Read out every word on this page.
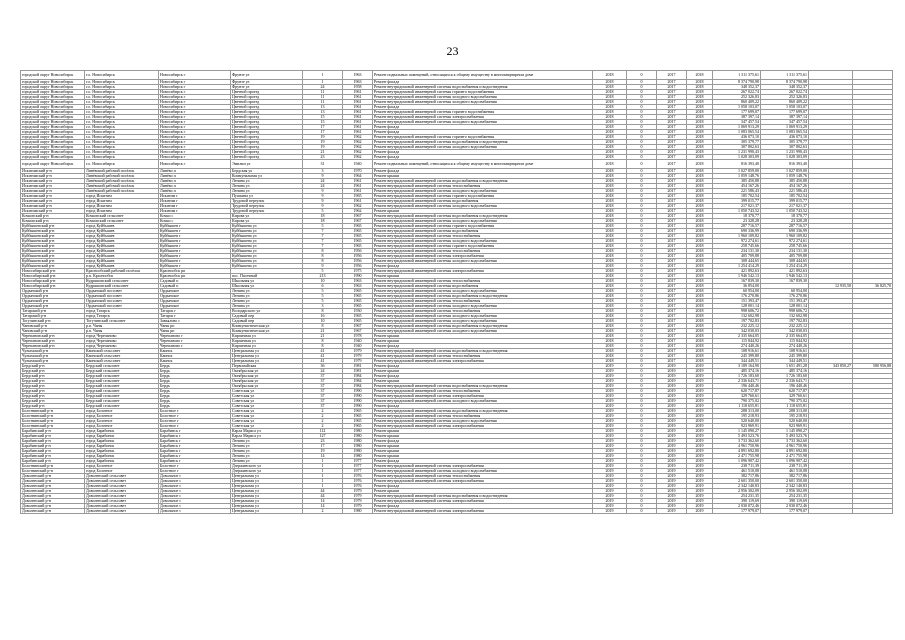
23
городской округ Новосибирск	г.о. Новосибирск	Новосибирск г	Фрунзе ул	1	1963	Ремонт подвальных помещений, относящихся к общему имуществу в многоквартирном доме	2018	0	2017	2018	1 311 375,61	1 311 375,61		
городской округ Новосибирск	г.о. Новосибирск	Новосибирск г	Фрунзе ул	1	1963	Ремонт фасада	2018	0	2017	2018	8 374 790,98	8 374 790,98		
городской округ Новосибирск	г.о. Новосибирск	Новосибирск г	Фрунзе ул	24	1958	Ремонт внутридомовой инженерной системы водоснабжения и водоотведения	2018	0	2017	2018	348 352,37	348 352,37		
городской округ Новосибирск	г.о. Новосибирск	Новосибирск г	Цветной проезд	11	1961	Ремонт внутридомовой инженерной системы горячего водоснабжения	2018	0	2017	2018	267 022,74	267 022,74		
городской округ Новосибирск	г.о. Новосибирск	Новосибирск г	Цветной проезд	11	1961	Ремонт внутридомовой инженерной системы холодного водоснабжения	2018	0	2017	2018	252 326,83	252 326,83		
городской округ Новосибирск	г.о. Новосибирск	Новосибирск г	Цветной проезд	11	1961	Ремонт внутридомовой инженерной системы холодного водоснабжения	2018	0	2017	2018	860 409,22	860 409,22		
городской округ Новосибирск	г.о. Новосибирск	Новосибирск г	Цветной проезд	13	1961	Ремонт фасада	2018	0	2017	2018	1 058 103,07	1 058 103,07		
городской округ Новосибирск	г.о. Новосибирск	Новосибирск г	Цветной проезд	13	1961	Ремонт внутридомовой инженерной системы горячего водоснабжения	2018	0	2017	2018	177 699,07	177 699,07		
городской округ Новосибирск	г.о. Новосибирск	Новосибирск г	Цветной проезд	15	1961	Ремонт внутридомовой инженерной системы электроснабжения	2018	0	2017	2018	387 397,14	387 397,14		
городской округ Новосибирск	г.о. Новосибирск	Новосибирск г	Цветной проезд	15	1961	Ремонт внутридомовой инженерной системы холодного водоснабжения	2018	0	2017	2018	347 457,54	347 457,54		
городской округ Новосибирск	г.о. Новосибирск	Новосибирск г	Цветной проезд	17	1961	Ремонт фасада	2018	0	2017	2018	1 069 913,29	1 069 913,29		
городской округ Новосибирск	г.о. Новосибирск	Новосибирск г	Цветной проезд	17	1961	Ремонт фасада	2018	0	2017	2018	1 083 065,54	1 083 065,54		
городской округ Новосибирск	г.о. Новосибирск	Новосибирск г	Цветной проезд	19	1962	Ремонт внутридомовой инженерной системы горячего водоснабжения	2018	0	2017	2018	436 073,10	436 073,10		
городской округ Новосибирск	г.о. Новосибирск	Новосибирск г	Цветной проезд	19	1962	Ремонт внутридомовой инженерной системы водоснабжения и водоотведения	2018	0	2017	2018	305 379,77	305 379,77		
городской округ Новосибирск	г.о. Новосибирск	Новосибирск г	Цветной проезд	19	1962	Ремонт внутридомовой инженерной системы холодного водоснабжения	2018	0	2017	2018	307 802,63	307 802,63		
городской округ Новосибирск	г.о. Новосибирск	Новосибирск г	Цветной проезд	21	1962	Ремонт фасада	2018	0	2017	2018	1 231 990,43	1 231 990,43		
городской округ Новосибирск	г.о. Новосибирск	Новосибирск г	Цветной проезд	23	1962	Ремонт фасада	2018	0	2017	2018	1 028 303,09	1 028 303,09		
городской округ Новосибирск	г.о. Новосибирск	Новосибирск г	Эмилии ул	31	1940	Ремонт подвальных помещений, относящихся к общему имуществу в многоквартирном доме	2018	0	2017	2018	816 393,40	816 393,40		
Искитимский р-н	Линёвский рабочий посёлок	Линёво п	Бердская ул	3	1970	Ремонт фасада	2018	0	2017	2018	1 027 859,00	1 027 859,00		
Искитимский р-н	Линёвский рабочий посёлок	Линёво п	Коммунальная ул	9	1964	Ремонт крыши	2018	0	2017	2018	1 059 148,76	1 059 148,76		
Искитимский р-н	Линёвский рабочий посёлок	Линёво п	Ленина ул	24	1961	Ремонт внутридомовой инженерной системы водоснабжения и водоотведения	2018	0	2017	2018	385 450,88	385 450,88		
Искитимский р-н	Линёвский рабочий посёлок	Линёво п	Ленина ул	24	1961	Ремонт внутридомовой инженерной системы теплоснабжения	2018	0	2017	2018	454 167,26	454 167,26		
Искитимский р-н	Линёвский рабочий посёлок	Линёво п	Ленина ул	9	1961	Ремонт внутридомовой инженерной системы холодного водоснабжения	2018	0	2017	2018	221 586,43	221 586,43		
Искитимский р-н	город Искитим	Искитим г	Пушкина ул	9	1965	Ремонт внутридомовой инженерной системы горячего водоснабжения	2018	0	2017	2018	185 702,54	185 702,54		
Искитимский р-н	город Искитим	Искитим г	Трудовой переулок	9	1961	Ремонт внутридомовой инженерной системы водоснабжения	2018	0	2017	2018	399 015,77	399 015,77		
Искитимский р-н	город Искитим	Искитим г	Трудовой переулок	9	1962	Ремонт внутридомовой инженерной системы холодного водоснабжения	2018	0	2017	2018	217 021,37	217 021,37		
Искитимский р-н	город Искитим	Искитим г	Трудовой переулок	5	1962	Ремонт крыши	2018	0	2017	2018	1 050 743,52	1 050 743,52		
Кочковский р-н	Кочковский сельсовет	Кочки с	Кирова ул	18	1967	Ремонт внутридомовой инженерной системы водоснабжения и водоотведения	2018	0	2017	2018	18 370,77	18 370,77		
Кочковский р-н	Кочковский сельсовет	Кочки с	Кирова ул	18	1967	Ремонт внутридомовой инженерной системы холодного водоснабжения	2018	0	2017	2018	23 328,28	23 328,28		
Куйбышевский р-н	город Куйбышев	Куйбышев г	Куйбышева ул	5	1965	Ремонт внутридомовой инженерной системы горячего водоснабжения	2018	0	2017	2018	287 716,57	287 716,57		
Куйбышевский р-н	город Куйбышев	Куйбышев г	Куйбышева ул	7	1965	Ремонт внутридомовой инженерной системы водоснабжения	2018	0	2017	2018	690 336,99	690 336,99		
Куйбышевский р-н	город Куйбышев	Куйбышев г	Куйбышева ул	7	1965	Ремонт внутридомовой инженерной системы теплоснабжения	2018	0	2017	2018	1 960 109,82	1 960 109,82		
Куйбышевский р-н	город Куйбышев	Куйбышев г	Куйбышева ул	7	1965	Ремонт внутридомовой инженерной системы холодного водоснабжения	2018	0	2017	2018	972 274,61	972 274,61		
Куйбышевский р-н	город Куйбышев	Куйбышев г	Куйбышева ул	7	1965	Ремонт внутридомовой инженерной системы горячего водоснабжения	2018	0	2017	2018	258 745,66	258 745,66		
Куйбышевский р-н	город Куйбышев	Куйбышев г	Куйбышева ул	8	1956	Ремонт внутридомовой инженерной системы теплоснабжения	2018	0	2017	2018	234 131,30	234 131,30		
Куйбышевский р-н	город Куйбышев	Куйбышев г	Куйбышева ул	8	1956	Ремонт внутридомовой инженерной системы электроснабжения	2018	0	2017	2018	405 709,88	405 709,88		
Куйбышевский р-н	город Куйбышев	Куйбышев г	Куйбышева ул	8	1956	Ремонт внутридомовой инженерной системы холодного водоснабжения	2018	0	2017	2018	308 444,65	308 444,65		
Куйбышевский р-н	город Куйбышев	Куйбышев г	Куйбышева ул	9	1956	Ремонт фасада	2018	0	2017	2018	1 254 414,29	1 254 414,29		
Новосибирский р-н	Краснообский рабочий посёлок	Краснообск рп		5	1975	Ремонт внутридомовой инженерной системы электроснабжения	2018	0	2017	2018	421 892,63	421 892,63		
Новосибирский р-н	р.п. Краснообск	Краснообск рп	пос. Пасечный	213	1990	Ремонт крыши	2018	0	2017	2018	1 946 542,13	1 946 542,13		
Новосибирский р-н	Кудряшовский сельсовет	Садовый п	Школьная ул	10	1963	Ремонт внутридомовой инженерной системы теплоснабжения	2018	0	2017	2018	167 839,30	167 839,30		
Новосибирский р-н	Кудряшовский сельсовет	Садовый п	Школьная ул	6	1963	Ремонт внутридомовой инженерной системы водоснабжения	2018	0	2017	2018	36 854,00		12 935,50	36 825,70
Ордынский р-н	Ордынский поссовет	Ордынское	Ленина ул	5	1965	Ремонт внутридомовой инженерной системы холодного водоснабжения	2018	0	2017	2018	60 954,00	60 954,00		
Ордынский р-н	Ордынский поссовет	Ордынское	Ленина ул	5	1965	Ремонт внутридомовой инженерной системы водоснабжения и водоотведения	2018	0	2017	2018	176 270,86	176 270,86		
Ордынский р-н	Ордынский поссовет	Ордынское	Ленина ул	5	1965	Ремонт внутридомовой инженерной системы теплоснабжения	2018	0	2017	2018	151 393,47	151 393,47		
Ордынский р-н	Ордынский поссовет	Ордынское	Ленина ул	3	1965	Ремонт внутридомовой инженерной системы холодного водоснабжения	2018	0	2017	2018	128 001,14	128 001,14		
Татарский р-н	город Татарск	Татарск г	Володарского ул	8	1930	Ремонт внутридомовой инженерной системы теплоснабжения	2018	0	2017	2018	998 606,72	998 606,72		
Татарский р-н	город Татарск	Татарск г	Садовый пер	16	1965	Ремонт внутридомовой инженерной системы холодного водоснабжения	2018	0	2017	2018	132 602,98	132 602,98		
Тогучинский р-н	Тогучинский сельсовет	Завьялово с	Садовый пер	10	1965	Ремонт внутридомовой инженерной системы холодного водоснабжения	2018	0	2017	2018	197 702,83	197 702,83		
Чановский р-н	р.п. Чаны	Чаны рп	Коммунистическая ул	8	1967	Ремонт внутридомовой инженерной системы водоснабжения и водоотведения	2018	0	2017	2018	232 225,12	232 225,12		
Чановский р-н	р.п. Чаны	Чаны рп	Коммунистическая ул	21	1967	Ремонт внутридомовой инженерной системы холодного водоснабжения	2018	0	2017	2018	342 030,03	342 030,03		
Черепановский р-н	город Черепаново	Черепаново г	Кирпичная ул	21	1978	Ремонт крыши	2018	0	2017	2018	2 335 664,05	2 335 664,05		
Черепановский р-н	город Черепаново	Черепаново г	Кирпичная ул	8	1940	Ремонт крыши	2018	0	2017	2018	115 844,92	115 844,92		
Черепановский р-н	город Черепаново	Черепаново г	Кирпичная ул	8	1940	Ремонт фасада	2018	0	2017	2018	274 440,26	274 440,26		
Чулымский р-н	Каинский сельсовет	Каинск	Центральная ул	41	1979	Ремонт внутридомовой инженерной системы водоснабжения и водоотведения	2018	0	2017	2018	108 916,61	108 916,61		
Чулымский р-н	Каинский сельсовет	Каинск	Центральная ул	41	1979	Ремонт внутридомовой инженерной системы теплоснабжения	2018	0	2017	2018	245 399,80	245 399,80		
Чулымский р-н	Каинский сельсовет	Каинск	Центральная ул	41	1979	Ремонт внутридомовой инженерной системы электроснабжения	2018	0	2017	2018	344 449,51	344 449,51		
Бердский р-н	Бердский сельсовет	Бердь	Первомайская	36	1981	Ремонт фасада	2019	0	2019	2019	3 189 164,90	1 651 491,28	343 850,27	580 956,88
Бердский р-н	Бердский сельсовет	Бердь	Октябрьская ул	24	1981	Ремонт крыши	2019	0	2019	2019	485 374,16	485 374,16		
Бердский р-н	Бердский сельсовет	Бердь	Октябрьская ул	37	1984	Ремонт фасада	2019	0	2019	2019	1 726 183,60	1 726 183,60		
Бердский р-н	Бердский сельсовет	Бердь	Октябрьская ул	37	1984	Ремонт крыши	2019	0	2019	2019	2 336 643,71	2 336 643,71		
Бердский р-н	Бердский сельсовет	Бердь	Октябрьская ул	37	1984	Ремонт внутридомовой инженерной системы водоснабжения и водоотведения	2019	0	2019	2019	196 440,46	196 440,46		
Бердский р-н	Бердский сельсовет	Бердь	Советская ул	37	1990	Ремонт внутридомовой инженерной системы теплоснабжения	2019	0	2019	2019	620 717,87	620 717,87		
Бердский р-н	Бердский сельсовет	Бердь	Советская ул	37	1990	Ремонт внутридомовой инженерной системы электроснабжения	2019	0	2019	2019	329 760,61	329 760,61		
Бердский р-н	Бердский сельсовет	Бердь	Советская ул	37	1990	Ремонт внутридомовой инженерной системы холодного водоснабжения	2019	0	2019	2019	790 375,02	790 375,02		
Бердский р-н	Бердский сельсовет	Бердь	Советская ул	37	1990	Ремонт фасада	2019	0	2019	2019	1 118 655,81	1 118 655,81		
Болотнинский р-н	город Болотное	Болотное г	Советская ул	2	1965	Ремонт внутридомовой инженерной системы водоснабжения и водоотведения	2019	0	2019	2019	288 313,00	288 313,00		
Болотнинский р-н	город Болотное	Болотное г	Советская ул	2	1965	Ремонт внутридомовой инженерной системы теплоснабжения	2019	0	2019	2019	195 218,93	195 218,93		
Болотнинский р-н	город Болотное	Болотное г	Советская ул	2	1965	Ремонт внутридомовой инженерной системы холодного водоснабжения	2019	0	2019	2019	520 640,00	520 640,00		
Болотнинский р-н	город Болотное	Болотное г	Советская ул	2	1965	Ремонт внутридомовой инженерной системы электроснабжения	2019	0	2019	2019	923 969,91	923 969,91		
Барабинский р-н	город Барабинск	Барабинск г	Карла Маркса ул	112	1980	Ремонт крыши	2019	0	2019	2019	1 145 090,27	1 145 090,27		
Барабинский р-н	город Барабинск	Барабинск г	Карла Маркса ул	127	1980	Ремонт крыши	2019	0	2019	2019	5 493 523,76	5 493 523,76		
Барабинский р-н	город Барабинск	Барабинск г	Ленина ул	23	1980	Ремонт фасада	2019	0	2019	2019	3 733 362,60	3 733 362,60		
Барабинский р-н	город Барабинск	Барабинск г	Ленина ул	17	1980	Ремонт крыши	2019	0	2019	2019	4 961 750,96	4 961 750,96		
Барабинский р-н	город Барабинск	Барабинск г	Ленина ул	19	1980	Ремонт крыши	2019	0	2019	2019	4 891 692,80	4 891 692,80		
Барабинский р-н	город Барабинск	Барабинск г	Ленина ул	14	1980	Ремонт крыши	2019	0	2019	2019	2 471 755,98	2 471 755,98		
Барабинский р-н	город Барабинск	Барабинск г	Ленина ул	1	1977	Ремонт фасада	2019	0	2019	2019	1 096 907,42	1 096 907,42		
Болотнинский р-н	город Болотное	Болотное г	Дзержинского ул	1	1977	Ремонт внутридомовой инженерной системы электроснабжения	2019	0	2019	2019	238 711,39	238 711,39		
Болотнинский р-н	город Болотное	Болотное г	Дзержинского ул	1	1977	Ремонт внутридомовой инженерной системы холодного водоснабжения	2019	0	2019	2019	461 510,08	461 510,08		
Доволенский р-н	Доволенский сельсовет	Довольное с	Центральная ул	1	1976	Ремонт внутридомовой инженерной системы теплоснабжения	2019	0	2019	2019	382 717,86	382 717,86		
Доволенский р-н	Доволенский сельсовет	Довольное с	Центральная ул	1	1976	Ремонт внутридомовой инженерной системы электроснабжения	2019	0	2019	2019	2 601 350,00	2 601 350,00		
Доволенский р-н	Доволенский сельсовет	Довольное с	Центральная ул	1	1976	Ремонт фасада	2019	0	2019	2019	2 342 140,83	2 342 140,83		
Доволенский р-н	Доволенский сельсовет	Довольное с	Центральная ул	44	1979	Ремонт крыши	2019	0	2019	2019	2 956 302,09	2 956 302,09		
Доволенский р-н	Доволенский сельсовет	Довольное с	Центральная ул	44	1979	Ремонт внутридомовой инженерной системы водоснабжения и водоотведения	2019	0	2019	2019	254 231,35	254 231,35		
Доволенский р-н	Доволенский сельсовет	Довольное с	Центральная ул	14	1979	Ремонт внутридомовой инженерной системы электроснабжения	2019	0	2019	2019	390 119,69	390 119,69		
Доволенский р-н	Доволенский сельсовет	Довольное с	Центральная ул	14	1979	Ремонт фасада	2019	0	2019	2019	2 030 072,46	2 030 072,46		
Доволенский р-н	Доволенский сельсовет	Довольное с	Центральная ул	2	1980	Ремонт внутридомовой инженерной системы электроснабжения	2019	0	2019	2019	177 979,07	177 979,07		
